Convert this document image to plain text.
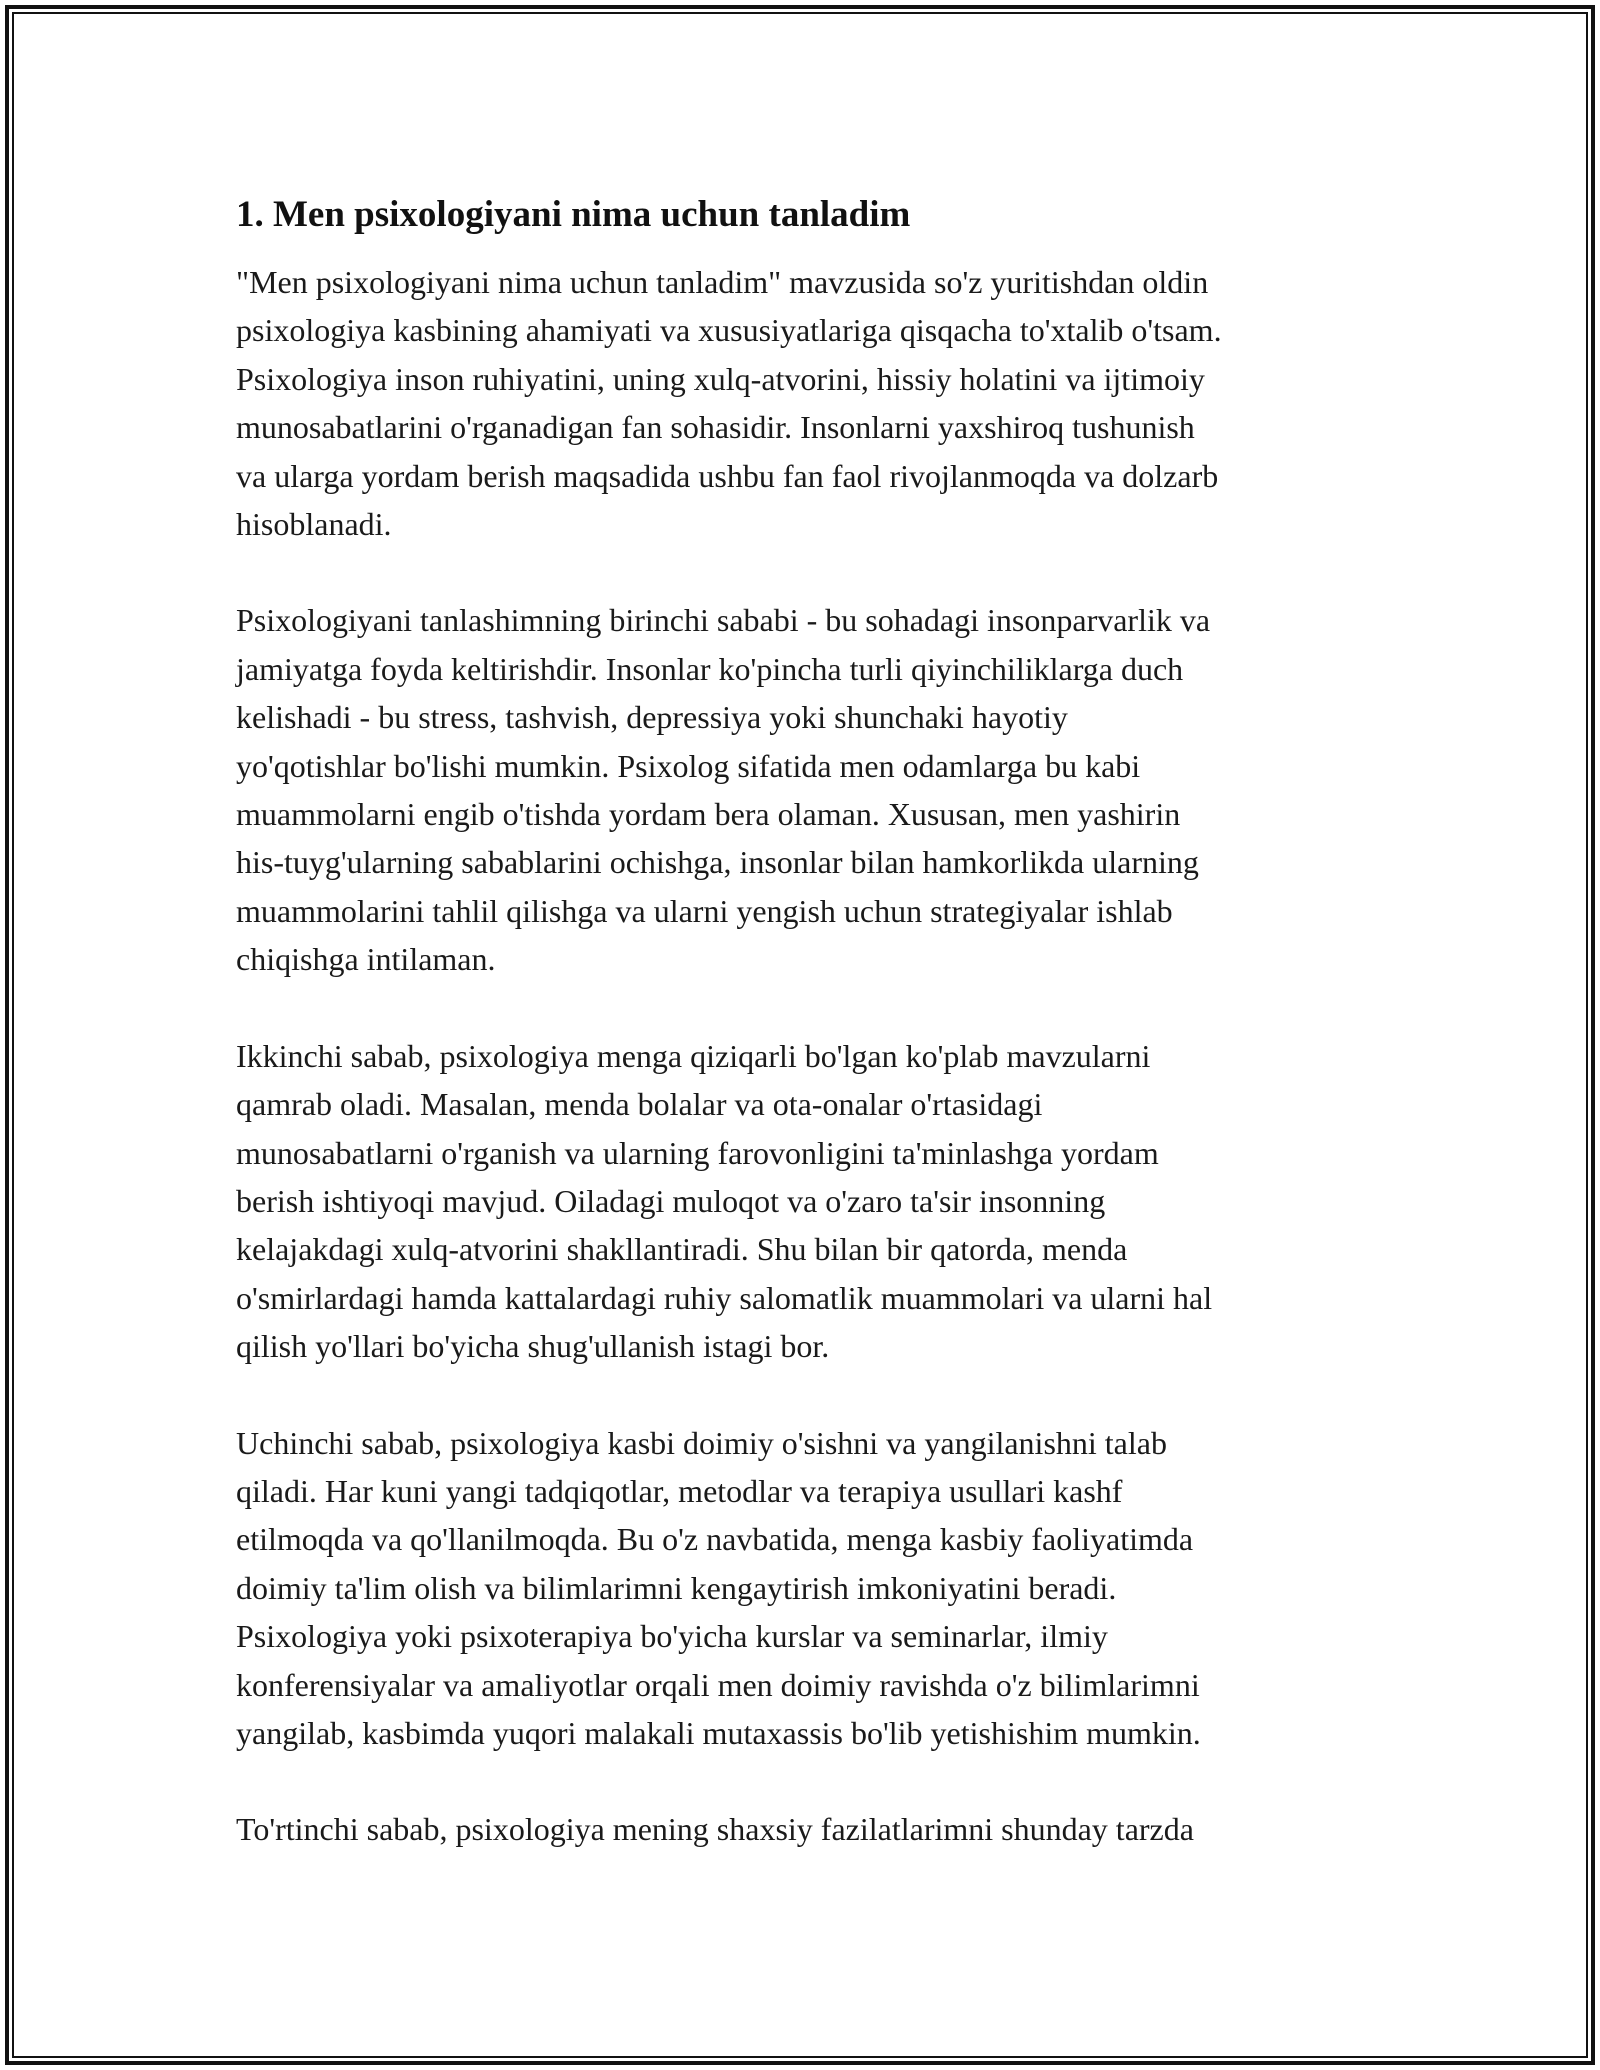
1. Men psixologiyani nima uchun tanladim

"Men psixologiyani nima uchun tanladim" mavzusida so'z yuritishdan oldin
psixologiya kasbining ahamiyati va xususiyatlariga qisqacha to'xtalib o'tsam.
Psixologiya inson ruhiyatini, uning xulq-atvorini, hissiy holatini va ijtimoiy
munosabatlarini o'rganadigan fan sohasidir. Insonlarni yaxshiroq tushunish
va ularga yordam berish maqsadida ushbu fan faol rivojlanmoqda va dolzarb
hisoblanadi.

Psixologiyani tanlashimning birinchi sababi - bu sohadagi insonparvarlik va
jamiyatga foyda keltirishdir. Insonlar ko'pincha turli qiyinchiliklarga duch
kelishadi - bu stress, tashvish, depressiya yoki shunchaki hayotiy
yo'qotishlar bo'lishi mumkin. Psixolog sifatida men odamlarga bu kabi
muammolarni engib o'tishda yordam bera olaman. Xususan, men yashirin
his-tuyg'ularning sabablarini ochishga, insonlar bilan hamkorlikda ularning
muammolarini tahlil qilishga va ularni yengish uchun strategiyalar ishlab
chiqishga intilaman.

Ikkinchi sabab, psixologiya menga qiziqarli bo'lgan ko'plab mavzularni
qamrab oladi. Masalan, menda bolalar va ota-onalar o'rtasidagi
munosabatlarni o'rganish va ularning farovonligini ta'minlashga yordam
berish ishtiyoqi mavjud. Oiladagi muloqot va o'zaro ta'sir insonning
kelajakdagi xulq-atvorini shakllantiradi. Shu bilan bir qatorda, menda
o'smirlardagi hamda kattalardagi ruhiy salomatlik muammolari va ularni hal
qilish yo'llari bo'yicha shug'ullanish istagi bor.

Uchinchi sabab, psixologiya kasbi doimiy o'sishni va yangilanishni talab
qiladi. Har kuni yangi tadqiqotlar, metodlar va terapiya usullari kashf
etilmoqda va qo'llanilmoqda. Bu o'z navbatida, menga kasbiy faoliyatimda
doimiy ta'lim olish va bilimlarimni kengaytirish imkoniyatini beradi.
Psixologiya yoki psixoterapiya bo'yicha kurslar va seminarlar, ilmiy
konferensiyalar va amaliyotlar orqali men doimiy ravishda o'z bilimlarimni
yangilab, kasbimda yuqori malakali mutaxassis bo'lib yetishishim mumkin.

To'rtinchi sabab, psixologiya mening shaxsiy fazilatlarimni shunday tarzda
